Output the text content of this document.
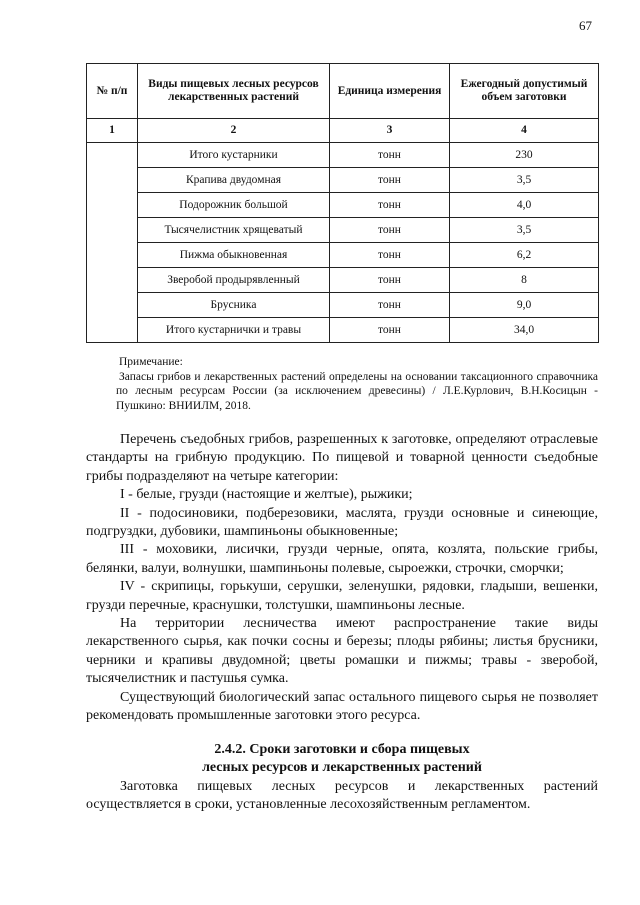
67
№ п/п	Виды пищевых лесных ресурсов лекарственных растений	Единица измерения	Ежегодный допустимый объем заготовки
1	2	3	4
	Итого кустарники	тонн	230
	Крапива двудомная	тонн	3,5
	Подорожник большой	тонн	4,0
	Тысячелистник хрящеватый	тонн	3,5
	Пижма обыкновенная	тонн	6,2
	Зверобой продырявленный	тонн	8
	Брусника	тонн	9,0
	Итого кустарнички и травы	тонн	34,0

Примечание:

Запасы грибов и лекарственных растений определены на основании таксационного справочника по лесным ресурсам России (за исключением древесины) / Л.Е.Курлович, В.Н.Косицын - Пушкино: ВНИИЛМ, 2018.

Перечень съедобных грибов, разрешенных к заготовке, определяют отраслевые стандарты на грибную продукцию. По пищевой и товарной ценности съедобные грибы подразделяют на четыре категории:

I - белые, грузди (настоящие и желтые), рыжики;

II - подосиновики, подберезовики, маслята, грузди основные и синеющие, подгруздки, дубовики, шампиньоны обыкновенные;

III - моховики, лисички, грузди черные, опята, козлята, польские грибы, белянки, валуи, волнушки, шампиньоны полевые, сыроежки, строчки, сморчки;

IV - скрипицы, горькуши, серушки, зеленушки, рядовки, гладыши, вешенки, грузди перечные, краснушки, толстушки, шампиньоны лесные.

На территории лесничества имеют распространение такие виды лекарственного сырья, как почки сосны и березы; плоды рябины; листья брусники, черники и крапивы двудомной; цветы ромашки и пижмы; травы - зверобой, тысячелистник и пастушья сумка.

Существующий биологический запас остального пищевого сырья не позволяет рекомендовать промышленные заготовки этого ресурса.

2.4.2. Сроки заготовки и сбора пищевых
лесных ресурсов и лекарственных растений

Заготовка пищевых лесных ресурсов и лекарственных растений осуществляется в сроки, установленные лесохозяйственным регламентом.
